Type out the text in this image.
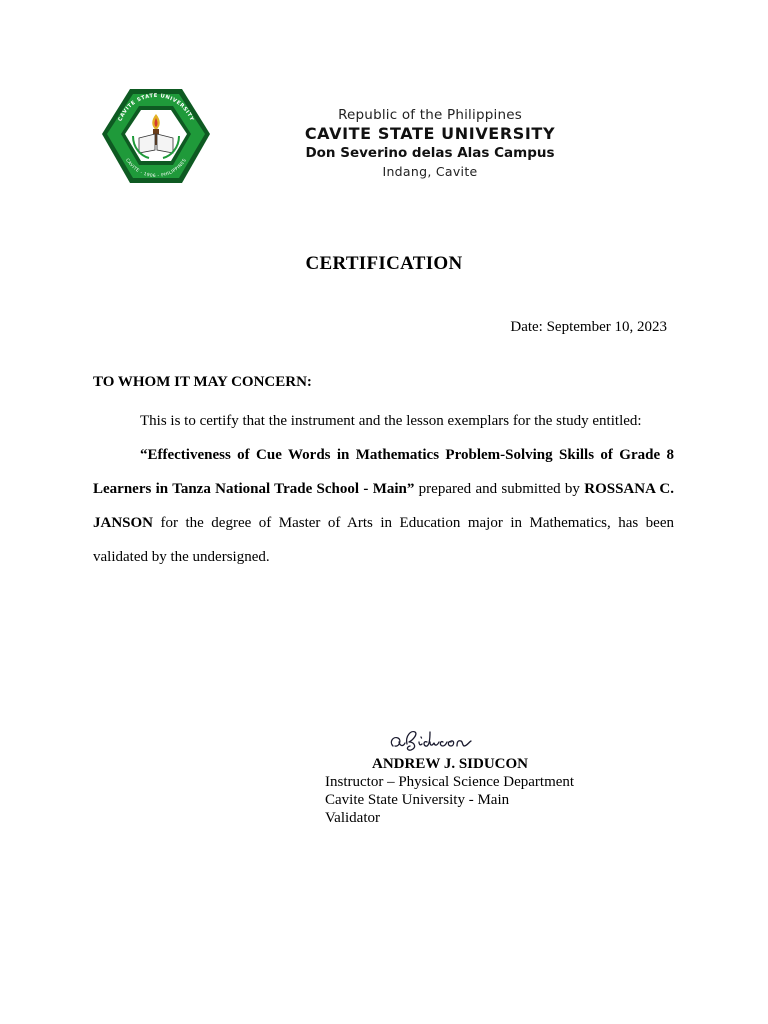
CAVITE STATE UNIVERSITY
CAVITE - 1906 - PHILIPPINES
Republic of the Philippines
CAVITE STATE UNIVERSITY
Don Severino delas Alas Campus
Indang, Cavite
CERTIFICATION
Date: September 10, 2023
TO WHOM IT MAY CONCERN:

This is to certify that the instrument and the lesson exemplars for the study entitled:

“Effectiveness of Cue Words in Mathematics Problem-Solving Skills of Grade 8 Learners in Tanza National Trade School - Main” prepared and submitted by ROSSANA C. JANSON for the degree of Master of Arts in Education major in Mathematics, has been validated by the undersigned.

ANDREW J. SIDUCON
Instructor – Physical Science Department
Cavite State University - Main
Validator
